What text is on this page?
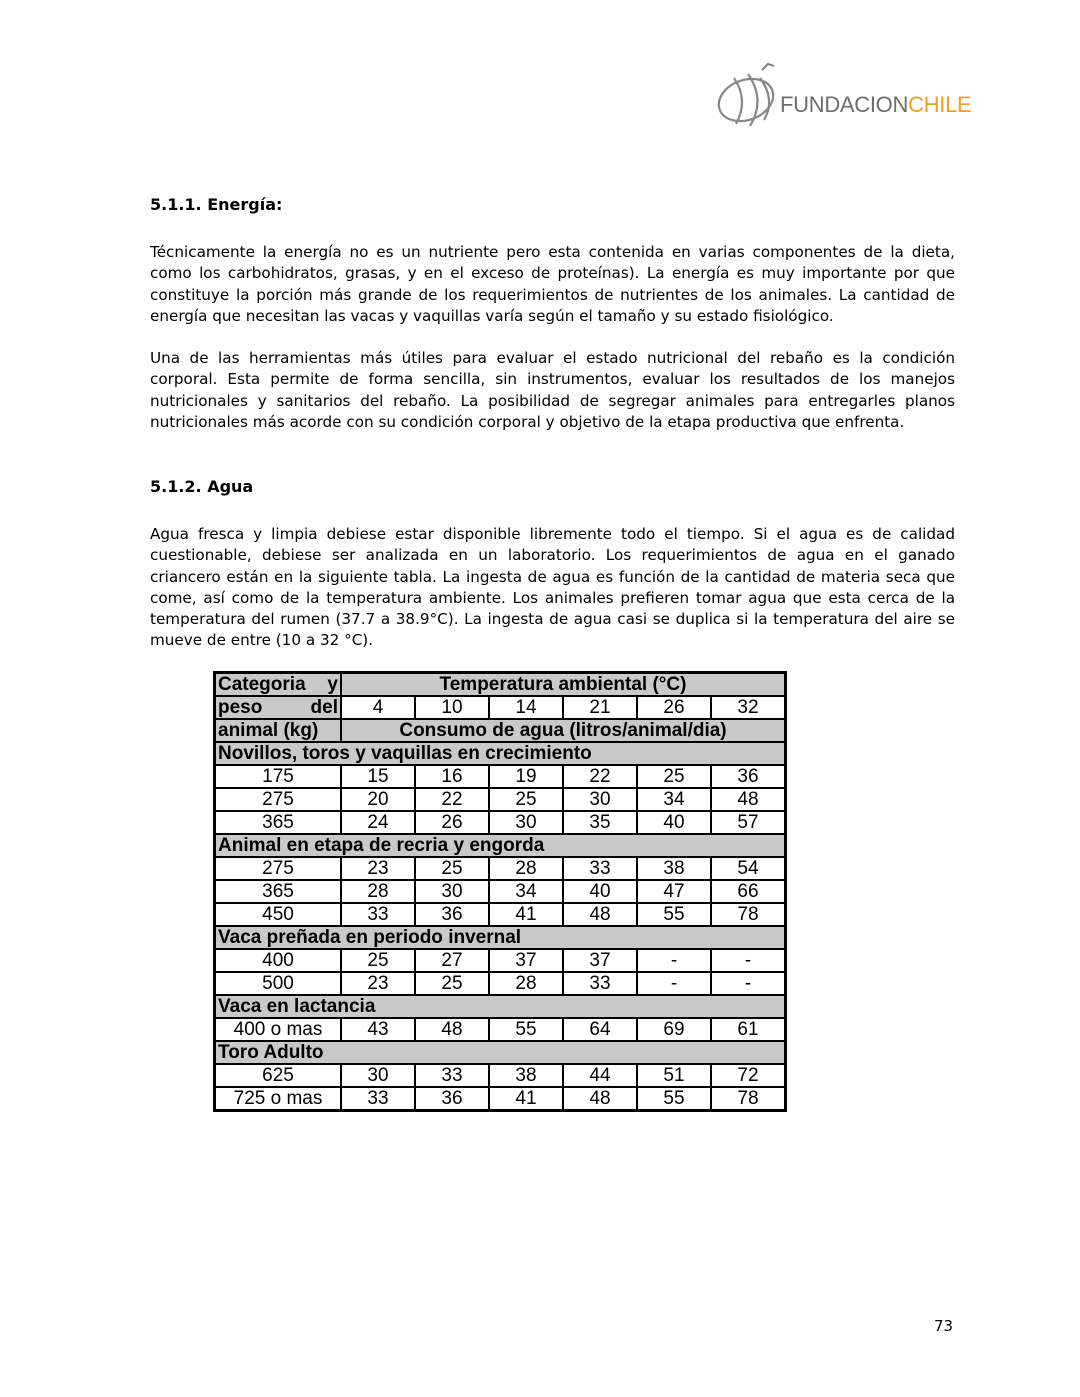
FUNDACIONCHILE
5.1.1. Energía:

Técnicamente la energía no es un nutriente pero esta contenida en varias componentes de la dieta, como los carbohidratos, grasas, y en el exceso de proteínas). La energía es muy importante por que constituye la porción más grande de los requerimientos de nutrientes de los animales. La cantidad de energía que necesitan las vacas y vaquillas varía según el tamaño y su estado fisiológico.

Una de las herramientas más útiles para evaluar el estado nutricional del rebaño es la condición corporal. Esta permite de forma sencilla, sin instrumentos, evaluar los resultados de los manejos nutricionales y sanitarios del rebaño. La posibilidad de segregar animales para entregarles planos nutricionales más acorde con su condición corporal y objetivo de la etapa productiva que enfrenta.

5.1.2. Agua

Agua fresca y limpia debiese estar disponible libremente todo el tiempo. Si el agua es de calidad cuestionable, debiese ser analizada en un laboratorio. Los requerimientos de agua en el ganado criancero están en la siguiente tabla. La ingesta de agua es función de la cantidad de materia seca que come, así como de la temperatura ambiente. Los animales prefieren tomar agua que esta cerca de la temperatura del rumen (37.7 a 38.9°C). La ingesta de agua casi se duplica si la temperatura del aire se mueve de entre (10 a 32 °C).

Categoria y	Temperatura ambiental (°C)					
peso del	4	10	14	21	26	32
animal (kg)	Consumo de agua (litros/animal/dia)					
Novillos, toros y vaquillas en crecimiento						
175	15	16	19	22	25	36
275	20	22	25	30	34	48
365	24	26	30	35	40	57
Animal en etapa de recria y engorda						
275	23	25	28	33	38	54
365	28	30	34	40	47	66
450	33	36	41	48	55	78
Vaca preñada en periodo invernal						
400	25	27	37	37	-	-
500	23	25	28	33	-	-
Vaca en lactancia						
400 o mas	43	48	55	64	69	61
Toro Adulto						
625	30	33	38	44	51	72
725 o mas	33	36	41	48	55	78
73
